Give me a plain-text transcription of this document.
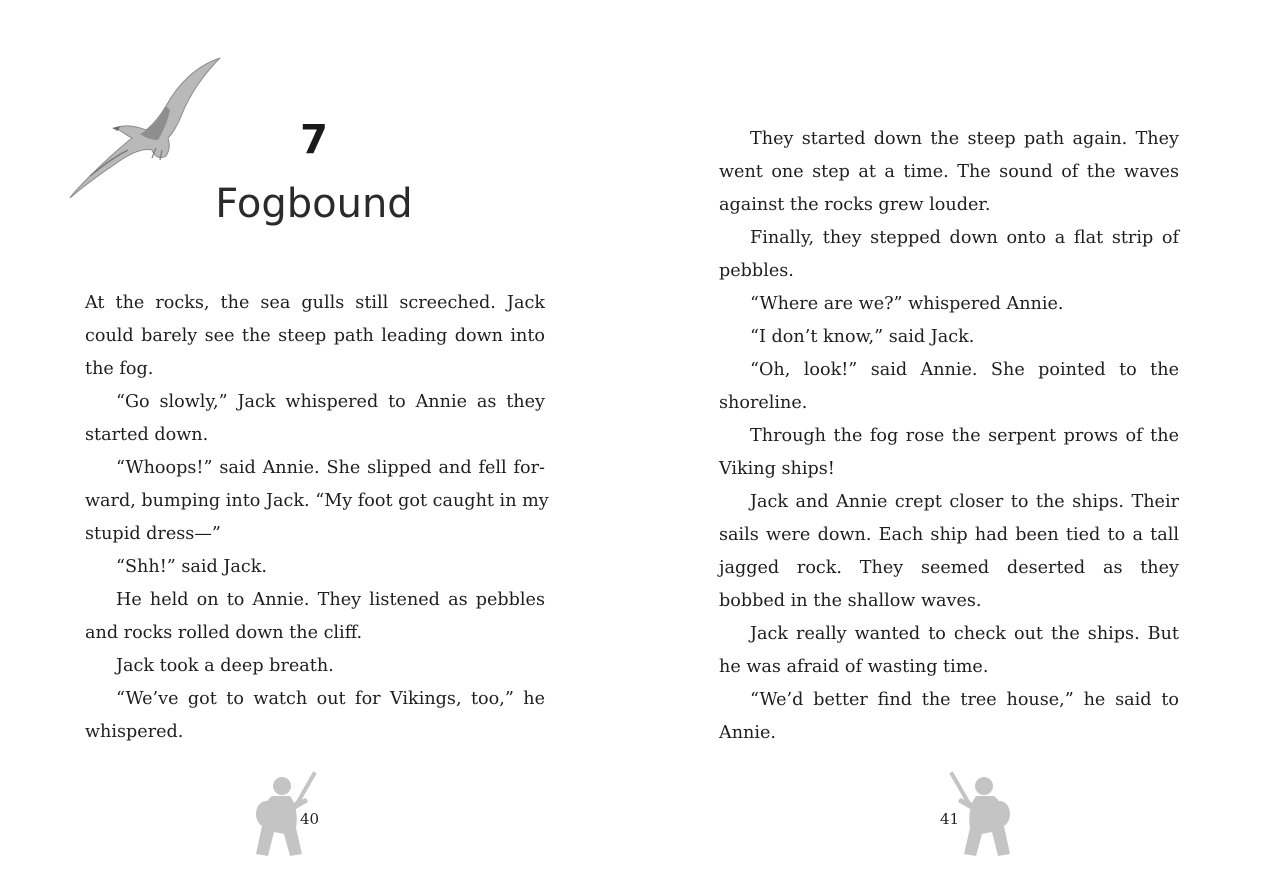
7
Fogbound
At the rocks, the sea gulls still screeched. Jack
could barely see the steep path leading down into
the fog.
“Go slowly,” Jack whispered to Annie as they
started down.
“Whoops!” said Annie. She slipped and fell for-
ward, bumping into Jack. “My foot got caught in my
stupid dress—”
“Shh!” said Jack.
He held on to Annie. They listened as pebbles
and rocks rolled down the cliff.
Jack took a deep breath.
“We’ve got to watch out for Vikings, too,” he
whispered.
40
They started down the steep path again. They
went one step at a time. The sound of the waves
against the rocks grew louder.
Finally, they stepped down onto a flat strip of
pebbles.
“Where are we?” whispered Annie.
“I don’t know,” said Jack.
“Oh, look!” said Annie. She pointed to the
shoreline.
Through the fog rose the serpent prows of the
Viking ships!
Jack and Annie crept closer to the ships. Their
sails were down. Each ship had been tied to a tall
jagged rock. They seemed deserted as they
bobbed in the shallow waves.
Jack really wanted to check out the ships. But
he was afraid of wasting time.
“We’d better find the tree house,” he said to
Annie.
41
